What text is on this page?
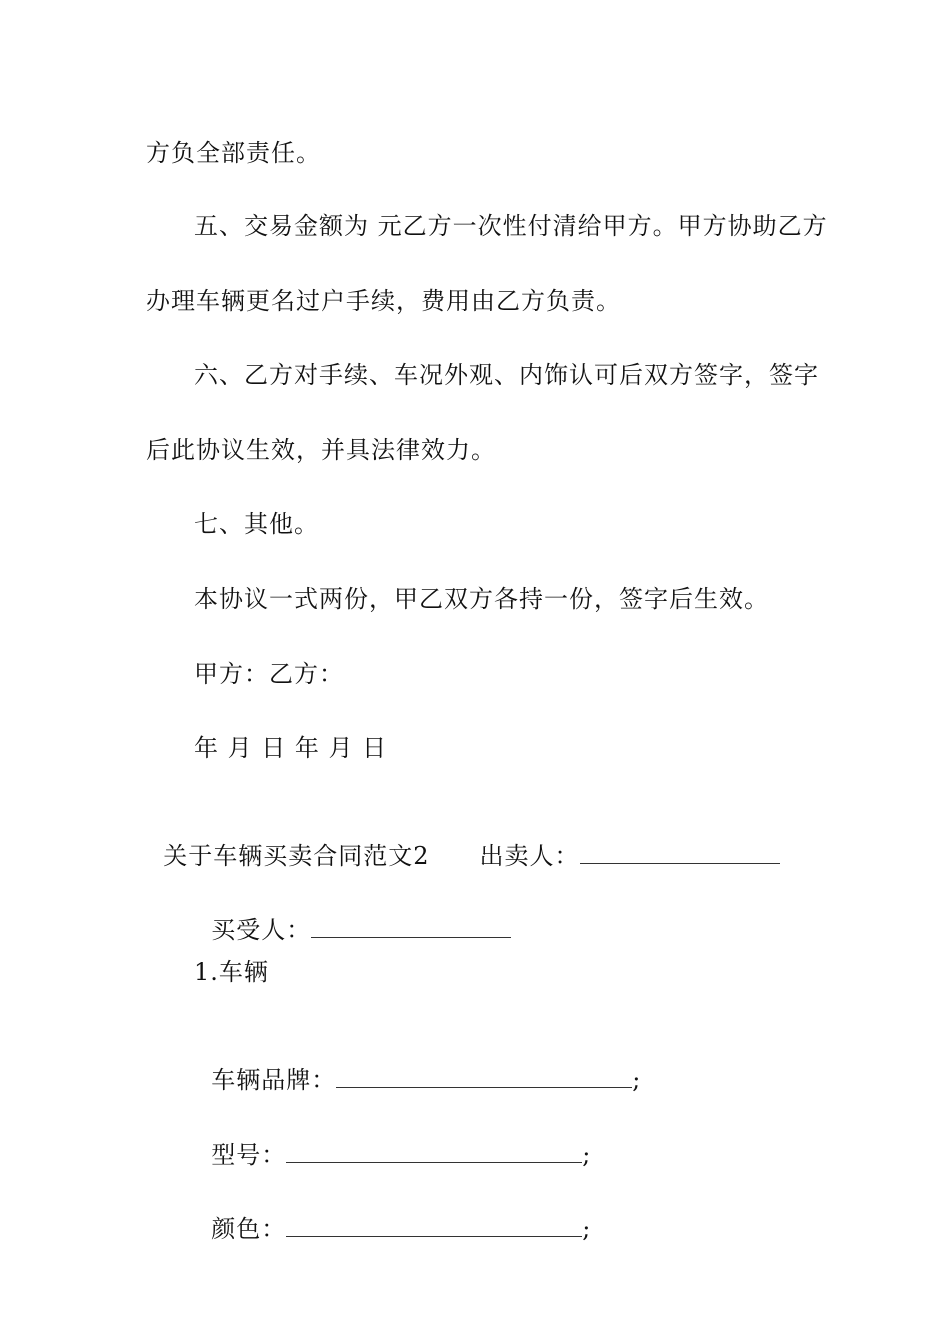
方负全部责任。
五、交易金额为 元乙方一次性付清给甲方。甲方协助乙方
办理车辆更名过户手续，费用由乙方负责。
六、乙方对手续、车况外观、内饰认可后双方签字，签字
后此协议生效，并具法律效力。
七、其他。
本协议一式两份，甲乙双方各持一份，签字后生效。
甲方：乙方：
年 月 日 年 月 日

关于车辆买卖合同范文2 出卖人：

买受人：

1.车辆

车辆品牌：	;

型号：	;

颜色：	;
